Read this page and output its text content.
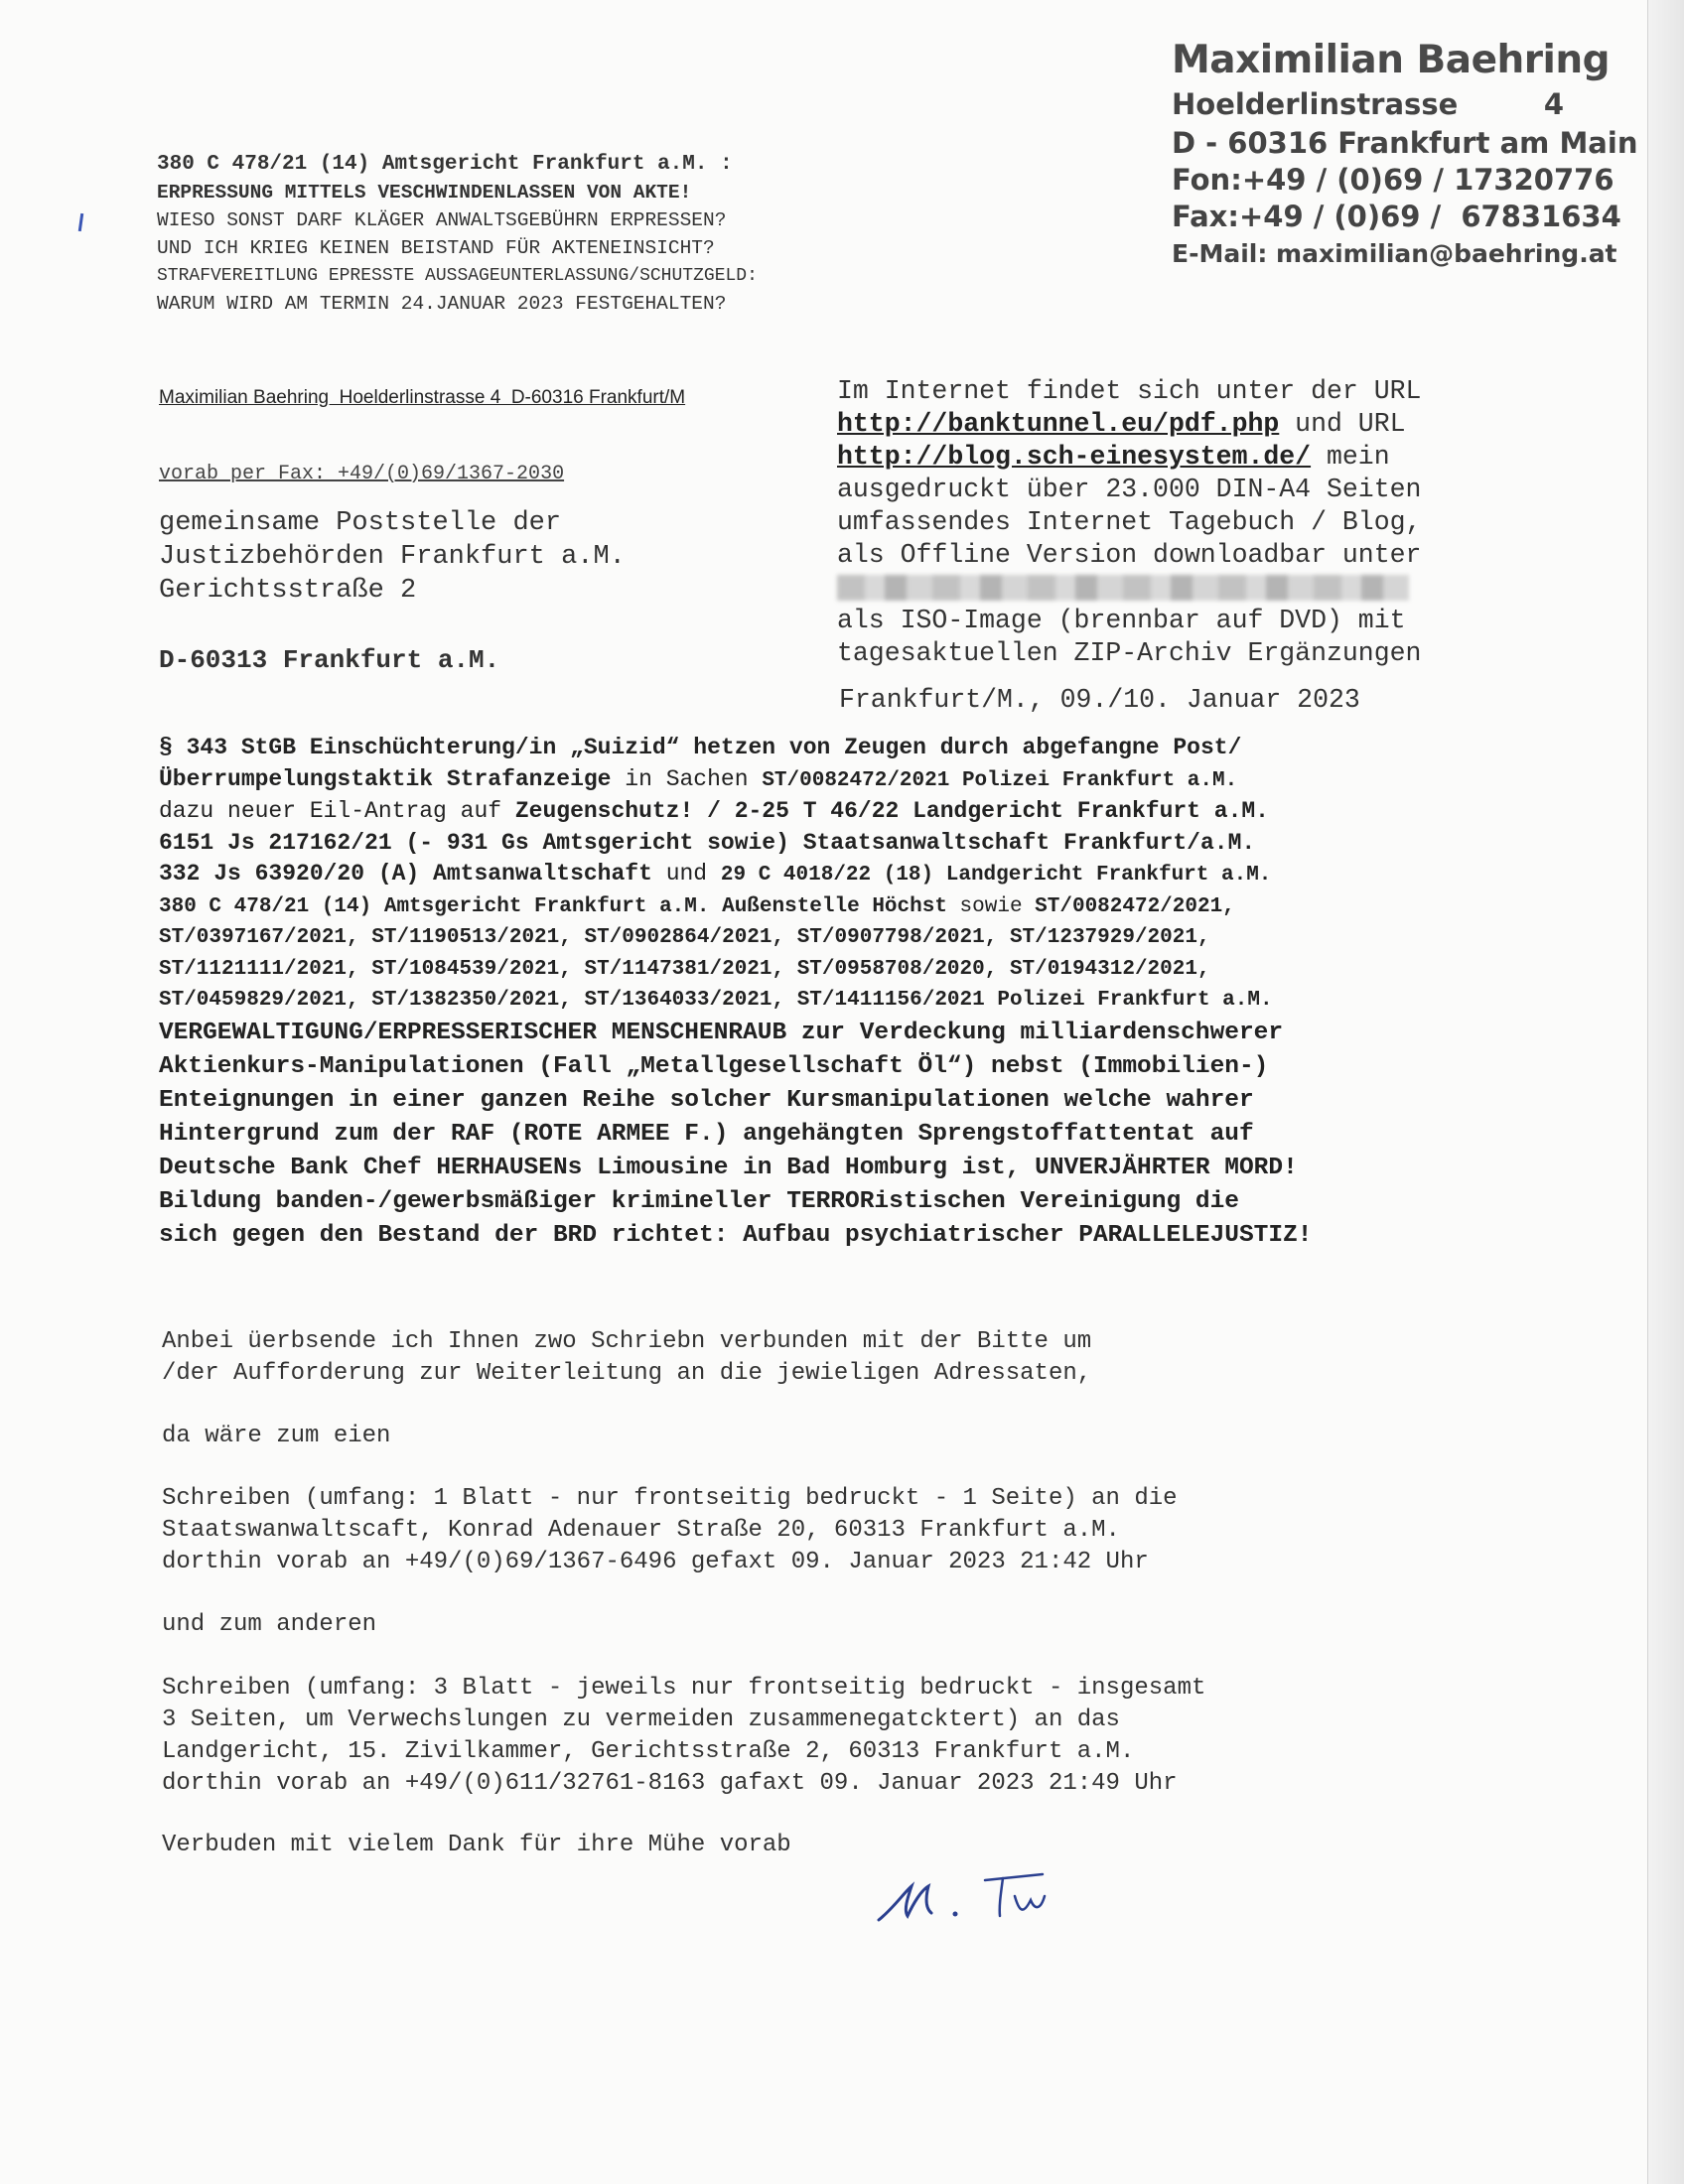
Maximilian Baehring
Hoelderlinstrasse	4
D - 60316 Frankfurt am Main
Fon: +49 / (0)69 / 17320776
Fax: +49 / (0)69 /  67831634
E-Mail: maximilian@baehring.at
380 C 478/21 (14) Amtsgericht Frankfurt a.M. :
ERPRESSUNG MITTELS VESCHWINDENLASSEN VON AKTE!
WIESO SONST DARF KLÄGER ANWALTSGEBÜHRN ERPRESSEN?
UND ICH KRIEG KEINEN BEISTAND FÜR AKTENEINSICHT?
STRAFVEREITLUNG EPRESSTE AUSSAGEUNTERLASSUNG/SCHUTZGELD:
WARUM WIRD AM TERMIN 24.JANUAR 2023 FESTGEHALTEN?
Maximilian Baehring  Hoelderlinstrasse 4  D-60316 Frankfurt/M
vorab per Fax: +49/(0)69/1367-2030
gemeinsame Poststelle der
Justizbehörden Frankfurt a.M.
Gerichtsstraße 2
D-60313 Frankfurt a.M.
Im Internet findet sich unter der URL
http://banktunnel.eu/pdf.php und URL
http://blog.sch-einesystem.de/ mein
ausgedruckt über 23.000 DIN-A4 Seiten
umfassendes Internet Tagebuch / Blog,
als Offline Version downloadbar unter
als ISO-Image (brennbar auf DVD) mit
tagesaktuellen ZIP-Archiv Ergänzungen
Frankfurt/M., 09./10. Januar 2023
§ 343 StGB Einschüchterung/in „Suizid“ hetzen von Zeugen durch abgefangne Post/
Überrumpelungstaktik Strafanzeige in Sachen ST/0082472/2021 Polizei Frankfurt a.M.
dazu neuer Eil-Antrag auf Zeugenschutz! / 2-25 T 46/22 Landgericht Frankfurt a.M.
6151 Js 217162/21 (- 931 Gs Amtsgericht sowie) Staatsanwaltschaft Frankfurt/a.M.
332 Js 63920/20 (A) Amtsanwaltschaft und 29 C 4018/22 (18) Landgericht Frankfurt a.M.
380 C 478/21 (14) Amtsgericht Frankfurt a.M. Außenstelle Höchst sowie ST/0082472/2021,
ST/0397167/2021, ST/1190513/2021, ST/0902864/2021, ST/0907798/2021, ST/1237929/2021,
ST/1121111/2021, ST/1084539/2021, ST/1147381/2021, ST/0958708/2020, ST/0194312/2021,
ST/0459829/2021, ST/1382350/2021, ST/1364033/2021, ST/1411156/2021 Polizei Frankfurt a.M.
VERGEWALTIGUNG/ERPRESSERISCHER MENSCHENRAUB zur Verdeckung milliardenschwerer
Aktienkurs-Manipulationen (Fall „Metallgesellschaft Öl“) nebst (Immobilien-)
Enteignungen in einer ganzen Reihe solcher Kursmanipulationen welche wahrer
Hintergrund zum der RAF (ROTE ARMEE F.) angehängten Sprengstoffattentat auf
Deutsche Bank Chef HERHAUSENs Limousine in Bad Homburg ist, UNVERJÄHRTER MORD!
Bildung banden-/gewerbsmäßiger krimineller TERRORistischen Vereinigung die
sich gegen den Bestand der BRD richtet: Aufbau psychiatrischer PARALLELEJUSTIZ!
Anbei üerbsende ich Ihnen zwo Schriebn verbunden mit der Bitte um
/der Aufforderung zur Weiterleitung an die jewieligen Adressaten,
da wäre zum eien
Schreiben (umfang: 1 Blatt - nur frontseitig bedruckt - 1 Seite) an die
Staatswanwaltscaft, Konrad Adenauer Straße 20, 60313 Frankfurt a.M.
dorthin vorab an +49/(0)69/1367-6496 gefaxt 09. Januar 2023 21:42 Uhr
und zum anderen
Schreiben (umfang: 3 Blatt - jeweils nur frontseitig bedruckt - insgesamt
3 Seiten, um Verwechslungen zu vermeiden zusammenegatcktert) an das
Landgericht, 15. Zivilkammer, Gerichtsstraße 2, 60313 Frankfurt a.M.
dorthin vorab an +49/(0)611/32761-8163 gafaxt 09. Januar 2023 21:49 Uhr
Verbuden mit vielem Dank für ihre Mühe vorab
